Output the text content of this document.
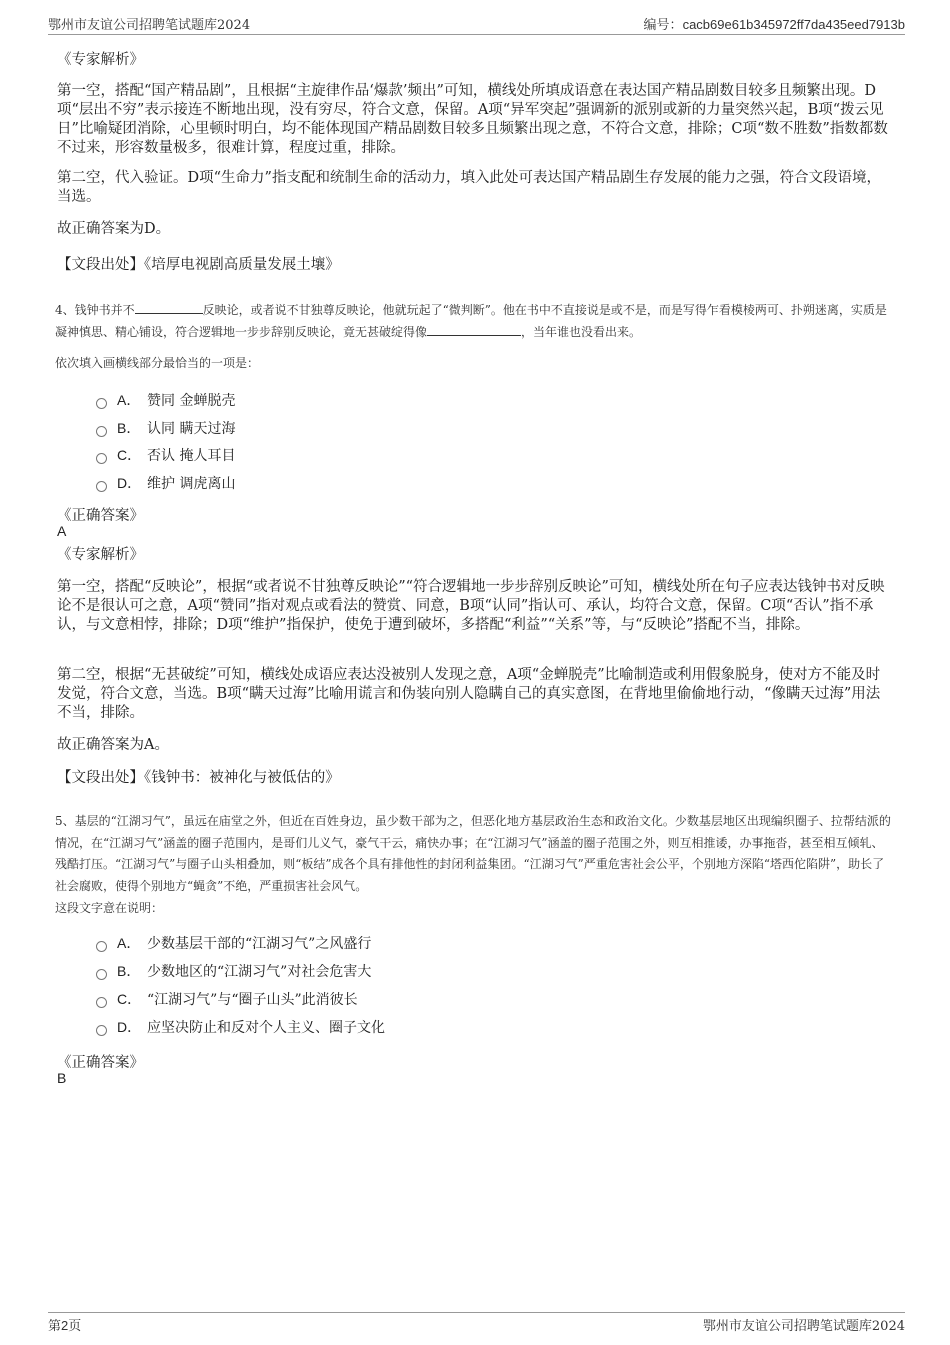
鄂州市友谊公司招聘笔试题库2024	编号：cacb69e61b345972ff7da435eed7913b
《专家解析》
第一空，搭配“国产精品剧”，且根据“主旋律作品‘爆款’频出”可知，横线处所填成语意在表达国产精品剧数目较多且频繁出现。D项“层出不穷”表示接连不断地出现，没有穷尽，符合文意，保留。A项“异军突起”强调新的派别或新的力量突然兴起，B项“拨云见日”比喻疑团消除，心里顿时明白，均不能体现国产精品剧数目较多且频繁出现之意，不符合文意，排除；C项“数不胜数”指数都数不过来，形容数量极多，很难计算，程度过重，排除。
第二空，代入验证。D项“生命力”指支配和统制生命的活动力，填入此处可表达国产精品剧生存发展的能力之强，符合文段语境，当选。
故正确答案为D。
【文段出处】《培厚电视剧高质量发展土壤》
4、钱钟书并不	反映论，或者说不甘独尊反映论，他就玩起了“微判断”。他在书中不直接说是或不是，而是写得乍看模棱两可、扑朔迷离，实质是凝神慎思、精心铺设，符合逻辑地一步步辞别反映论，竟无甚破绽得像	，当年谁也没看出来。
依次填入画横线部分最恰当的一项是：
A． 赞同 金蝉脱壳
B． 认同 瞒天过海
C． 否认 掩人耳目
D． 维护 调虎离山
《正确答案》
A
《专家解析》
第一空，搭配“反映论”，根据“或者说不甘独尊反映论”“符合逻辑地一步步辞别反映论”可知，横线处所在句子应表达钱钟书对反映论不是很认可之意，A项“赞同”指对观点或看法的赞赏、同意，B项“认同”指认可、承认，均符合文意，保留。C项“否认”指不承认，与文意相悖，排除；D项“维护”指保护，使免于遭到破坏，多搭配“利益”“关系”等，与“反映论”搭配不当，排除。
第二空，根据“无甚破绽”可知，横线处成语应表达没被别人发现之意，A项“金蝉脱壳”比喻制造或利用假象脱身，使对方不能及时发觉，符合文意，当选。B项“瞒天过海”比喻用谎言和伪装向别人隐瞒自己的真实意图，在背地里偷偷地行动，“像瞒天过海”用法不当，排除。
故正确答案为A。
【文段出处】《钱钟书：被神化与被低估的》
5、基层的“江湖习气”，虽远在庙堂之外，但近在百姓身边，虽少数干部为之，但恶化地方基层政治生态和政治文化。少数基层地区出现编织圈子、拉帮结派的情况，在“江湖习气”涵盖的圈子范围内，是哥们儿义气，豪气干云，痛快办事；在“江湖习气”涵盖的圈子范围之外，则互相推诿，办事拖沓，甚至相互倾轧、残酷打压。“江湖习气”与圈子山头相叠加，则“板结”成各个具有排他性的封闭利益集团。“江湖习气”严重危害社会公平，个别地方深陷“塔西佗陷阱”，助长了社会腐败，使得个别地方“蝇贪”不绝，严重损害社会风气。
这段文字意在说明：
A． 少数基层干部的“江湖习气”之风盛行
B． 少数地区的“江湖习气”对社会危害大
C． “江湖习气”与“圈子山头”此消彼长
D． 应坚决防止和反对个人主义、圈子文化
《正确答案》
B
第2页	鄂州市友谊公司招聘笔试题库2024
